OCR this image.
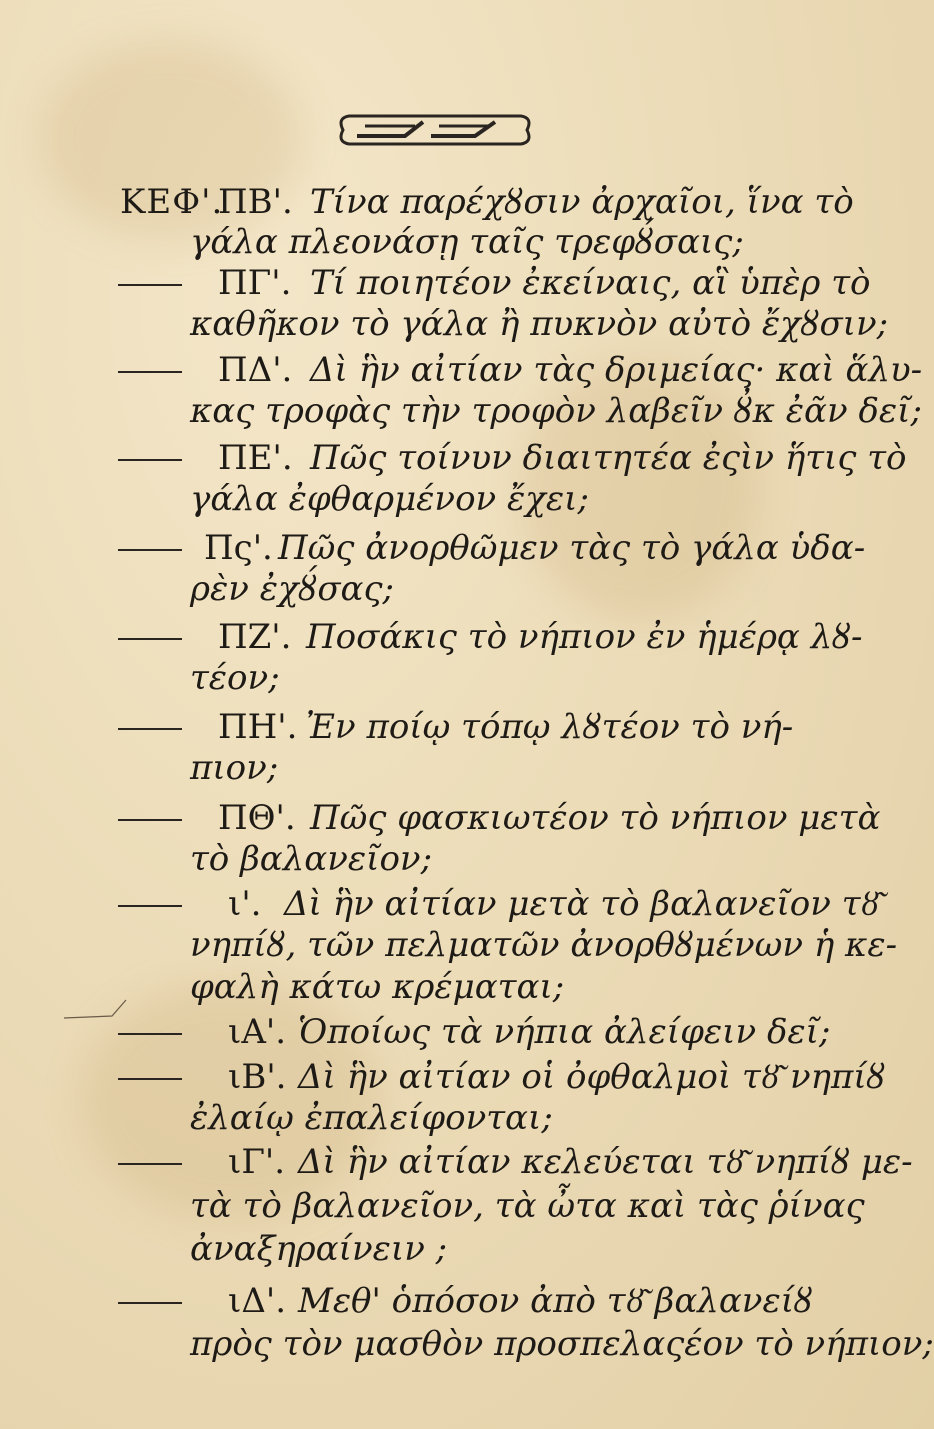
ΚΕΦ'.
ΠΒ'. Τίνα παρέχȣσιν ἀρχαῖοι, ἵνα τὸ
γάλα πλεονάσῃ ταῖς τρεφȣ́σαις;
ΠΓ'. Τί ποιητέον ἐκείναις, αἳ ὑπὲρ τὸ
καθῆκον τὸ γάλα ἢ πυκνὸν αὐτὸ ἔχȣσιν;
ΠΔ'. Δὶ ἣν αἰτίαν τὰς δριμείας· καὶ ἅλυ-
κας τροφὰς τὴν τροφὸν λαβεῖν ȣ̓κ ἐᾶν δεῖ;
ΠΕ'. Πῶς τοίνυν διαιτητέα ἐςὶν ἥτις τὸ
γάλα ἐφθαρμένον ἔχει;
Πς'. Πῶς ἀνορθῶμεν τὰς τὸ γάλα ὑδα-
ρὲν ἐχȣ́σας;
ΠΖ'. Ποσάκις τὸ νήπιον ἐν ἡμέρᾳ λȣ-
τέον;
ΠΗ'. Ἐν ποίῳ τόπῳ λȣτέον τὸ νή-
πιον;
ΠΘ'. Πῶς φασκιωτέον τὸ νήπιον μετὰ
τὸ βαλανεῖον;
ι'. Δὶ ἣν αἰτίαν μετὰ τὸ βαλανεῖον τȣ͂
νηπίȣ, τῶν πελματῶν ἀνορθȣμένων ἡ κε-
φαλὴ κάτω κρέμαται;
ιΑ'. Ὁποίως τὰ νήπια ἀλείφειν δεῖ;
ιΒ'. Δὶ ἣν αἰτίαν οἱ ὀφθαλμοὶ τȣ͂ νηπίȣ
ἐλαίῳ ἐπαλείφονται;
ιΓ'. Δὶ ἣν αἰτίαν κελεύεται τȣ͂ νηπίȣ με-
τὰ τὸ βαλανεῖον, τὰ ὦτα καὶ τὰς ῥίνας
ἀναξηραίνειν ;
ιΔ'. Μεθ' ὁπόσον ἀπὸ τȣ͂ βαλανείȣ
πρὸς τὸν μασθὸν προσπελαςέον τὸ νήπιον;
